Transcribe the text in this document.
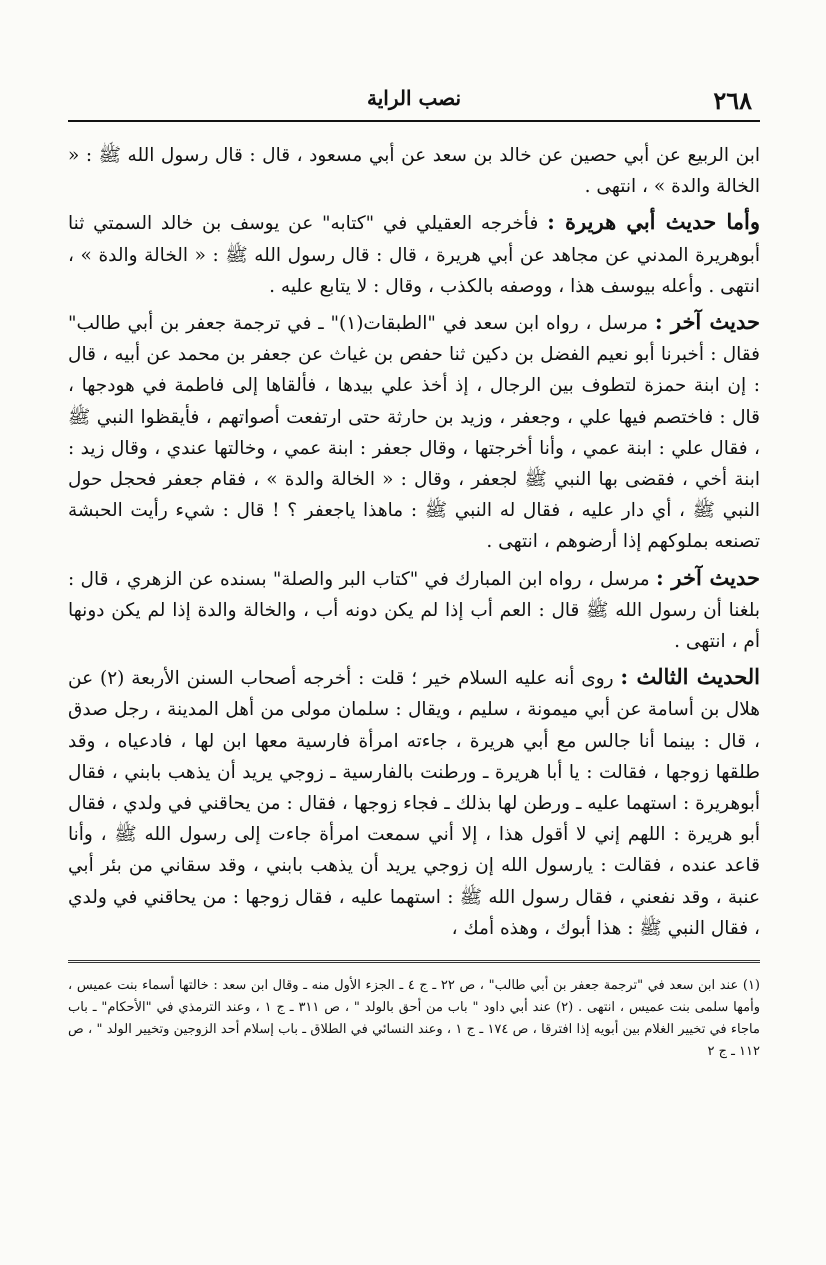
٢٦٨
نصب الراية

ابن الربيع عن أبي حصين عن خالد بن سعد عن أبي مسعود ، قال : قال رسول الله ﷺ : « الخالة والدة » ، انتهى .

وأما حديث أبي هريرة : فأخرجه العقيلي في "كتابه" عن يوسف بن خالد السمتي ثنا أبوهريرة المدني عن مجاهد عن أبي هريرة ، قال : قال رسول الله ﷺ : « الخالة والدة » ، انتهى . وأعله بيوسف هذا ، ووصفه بالكذب ، وقال : لا يتابع عليه .

حديث آخر : مرسل ، رواه ابن سعد في "الطبقات(١)" ـ في ترجمة جعفر بن أبي طالب" فقال : أخبرنا أبو نعيم الفضل بن دكين ثنا حفص بن غياث عن جعفر بن محمد عن أبيه ، قال : إن ابنة حمزة لتطوف بين الرجال ، إذ أخذ علي بيدها ، فألقاها إلى فاطمة في هودجها ، قال : فاختصم فيها علي ، وجعفر ، وزيد بن حارثة حتى ارتفعت أصواتهم ، فأيقظوا النبي ﷺ ، فقال علي : ابنة عمي ، وأنا أخرجتها ، وقال جعفر : ابنة عمي ، وخالتها عندي ، وقال زيد : ابنة أخي ، فقضى بها النبي ﷺ لجعفر ، وقال : « الخالة والدة » ، فقام جعفر فحجل حول النبي ﷺ ، أي دار عليه ، فقال له النبي ﷺ : ماهذا ياجعفر ؟ ! قال : شيء رأيت الحبشة تصنعه بملوكهم إذا أرضوهم ، انتهى .

حديث آخر : مرسل ، رواه ابن المبارك في "كتاب البر والصلة" بسنده عن الزهري ، قال : بلغنا أن رسول الله ﷺ قال : العم أب إذا لم يكن دونه أب ، والخالة والدة إذا لم يكن دونها أم ، انتهى .

الحديث الثالث : روى أنه عليه السلام خير ؛ قلت : أخرجه أصحاب السنن الأربعة (٢) عن هلال بن أسامة عن أبي ميمونة ، سليم ، ويقال : سلمان مولى من أهل المدينة ، رجل صدق ، قال : بينما أنا جالس مع أبي هريرة ، جاءته امرأة فارسية معها ابن لها ، فادعياه ، وقد طلقها زوجها ، فقالت : يا أبا هريرة ـ ورطنت بالفارسية ـ زوجي يريد أن يذهب بابني ، فقال أبوهريرة : استهما عليه ـ ورطن لها بذلك ـ فجاء زوجها ، فقال : من يحاقني في ولدي ، فقال أبو هريرة : اللهم إني لا أقول هذا ، إلا أني سمعت امرأة جاءت إلى رسول الله ﷺ ، وأنا قاعد عنده ، فقالت : يارسول الله إن زوجي يريد أن يذهب بابني ، وقد سقاني من بئر أبي عنبة ، وقد نفعني ، فقال رسول الله ﷺ : استهما عليه ، فقال زوجها : من يحاقني في ولدي ، فقال النبي ﷺ : هذا أبوك ، وهذه أمك ،

(١) عند ابن سعد في "ترجمة جعفر بن أبي طالب" ، ص ٢٢ ـ ج ٤ ـ الجزء الأول منه ـ وقال ابن سعد : خالتها أسماء بنت عميس ، وأمها سلمى بنت عميس ، انتهى . (٢) عند أبي داود " باب من أحق بالولد " ، ص ٣١١ ـ ج ١ ، وعند الترمذي في "الأحكام" ـ باب ماجاء في تخيير الغلام بين أبويه إذا افترقا ، ص ١٧٤ ـ ج ١ ، وعند النسائي في الطلاق ـ باب إسلام أحد الزوجين وتخيير الولد " ، ص ١١٢ ـ ج ٢
